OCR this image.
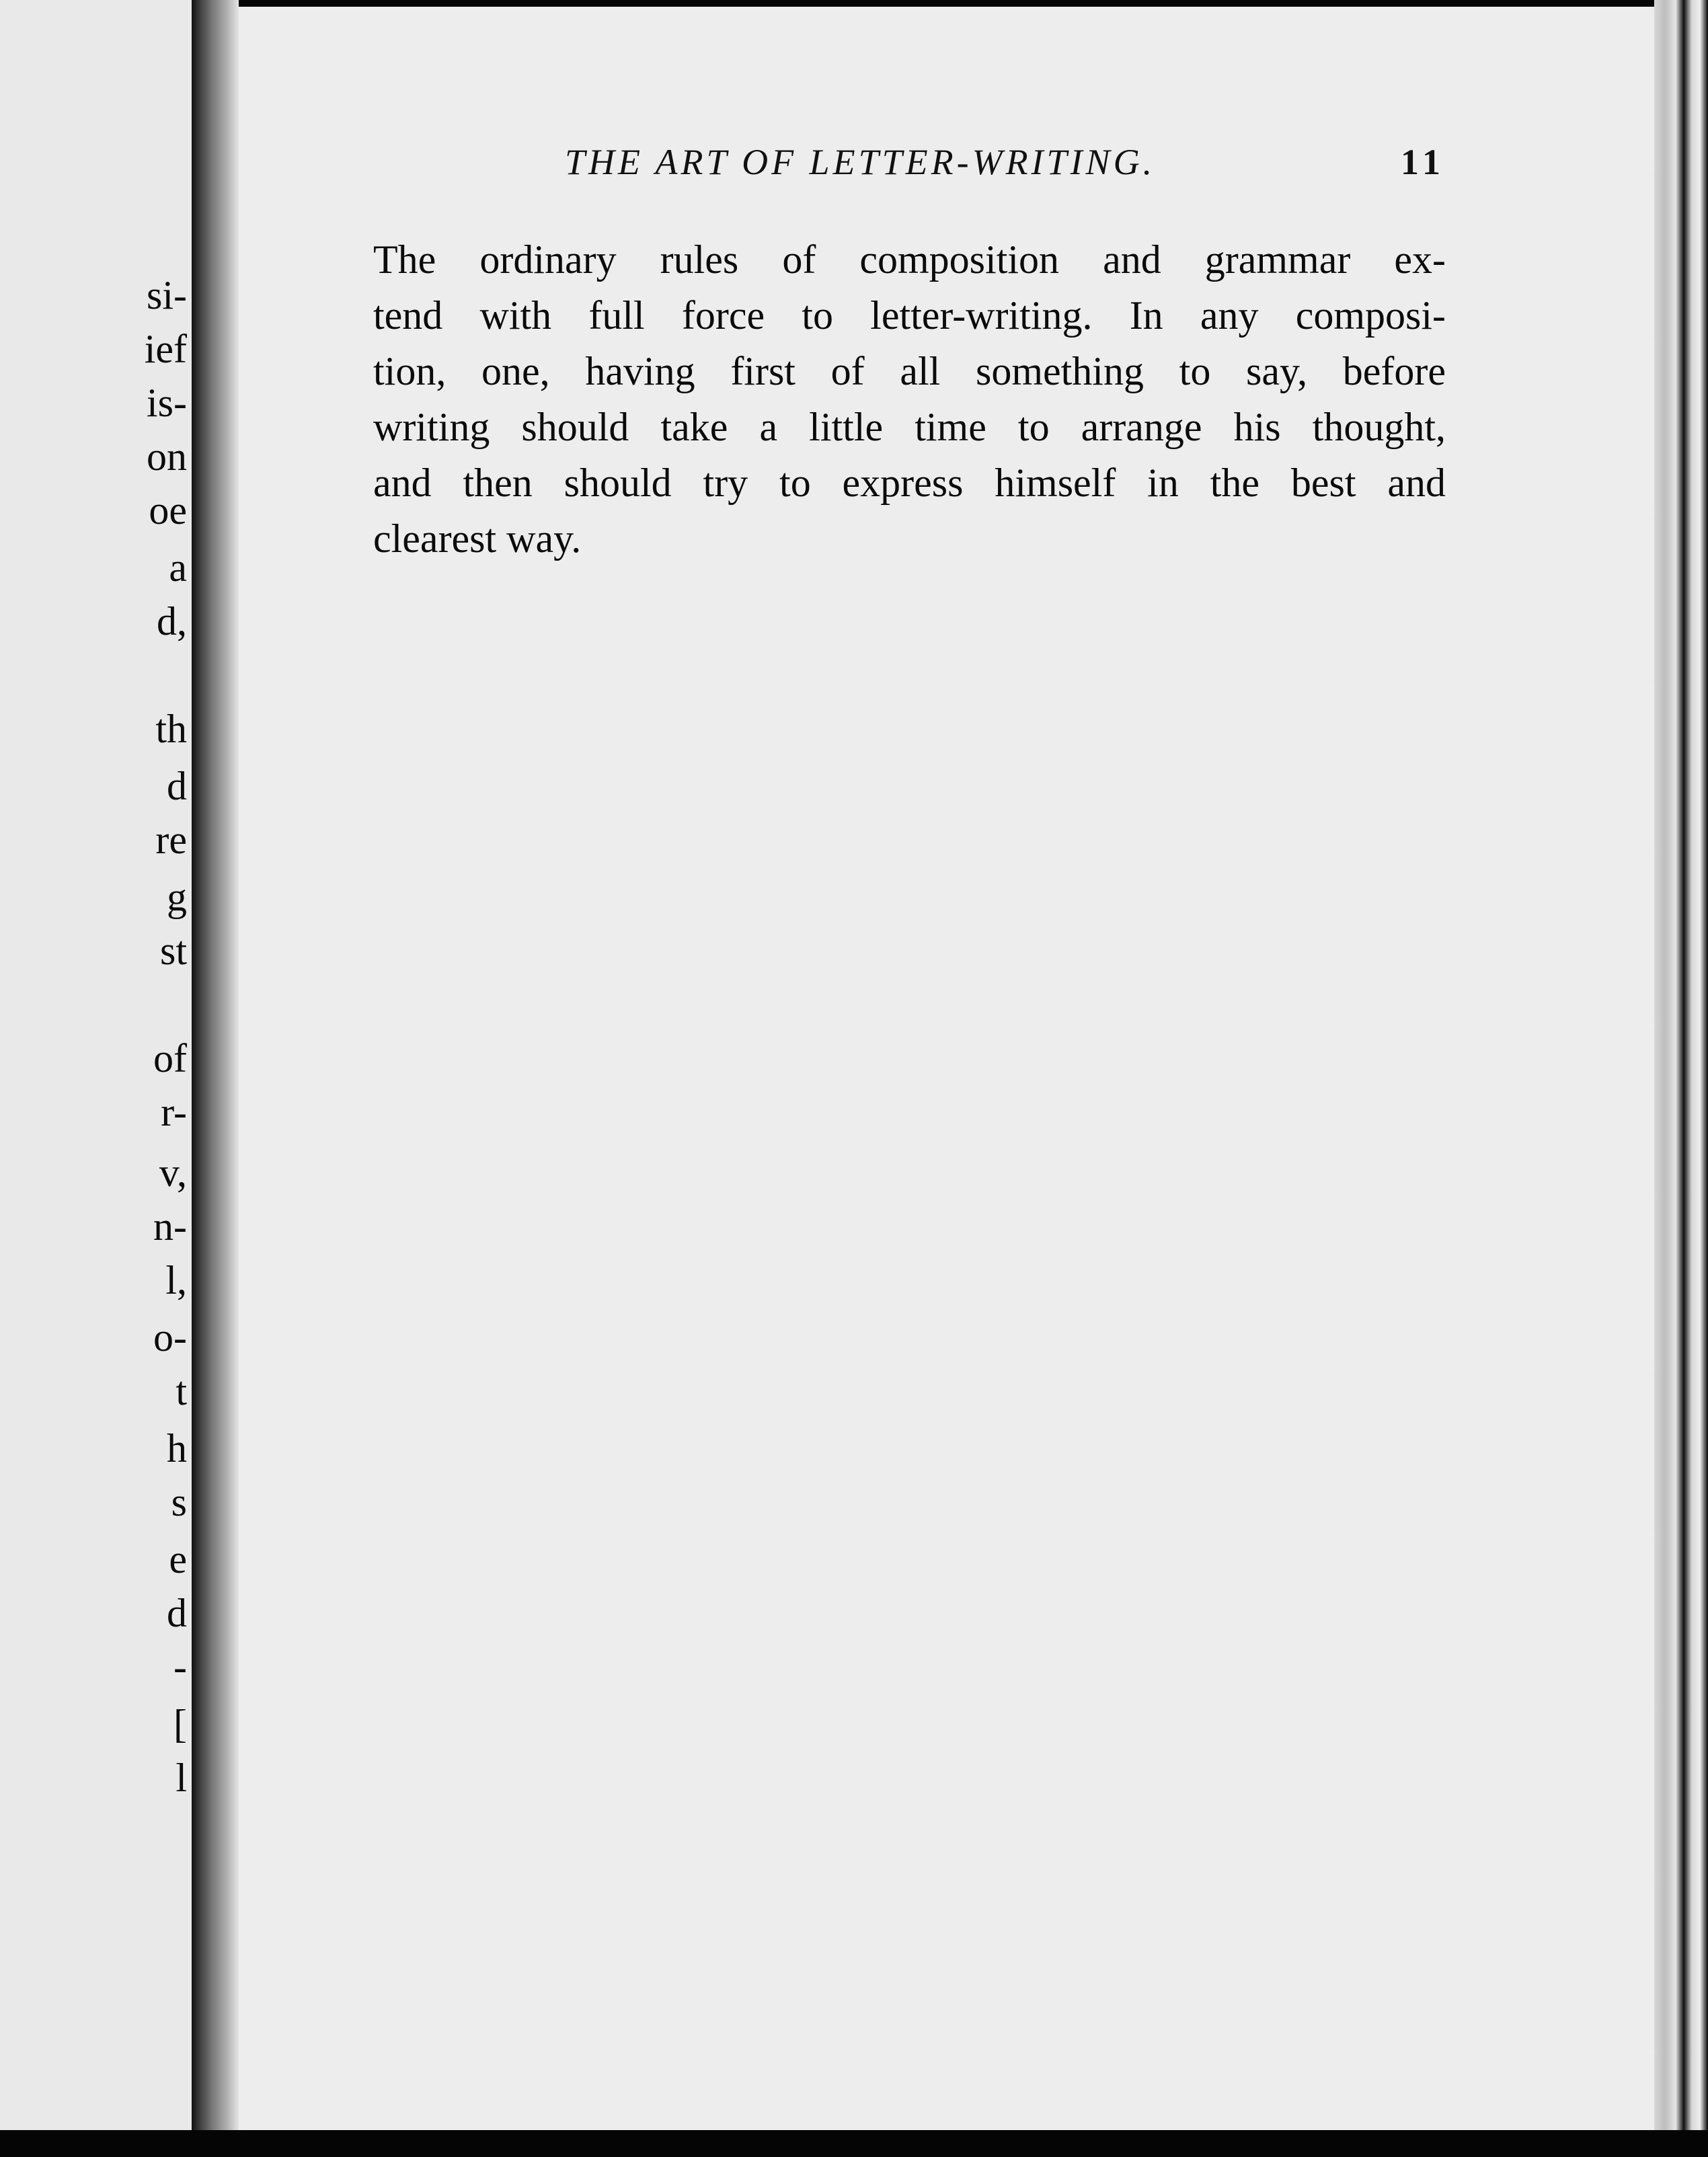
si-
ief
is-
on
oe
a
d,
th
d
re
g
st
of
r-
v,
n-
l,
o-
t
h
s
e
d
-
[
l
THE ART OF LETTER-WRITING.	11
The ordinary rules of composition and grammar ex-
tend with full force to letter-writing. In any composi-
tion, one, having first of all something to say, before
writing should take a little time to arrange his thought,
and then should try to express himself in the best and
clearest way.
